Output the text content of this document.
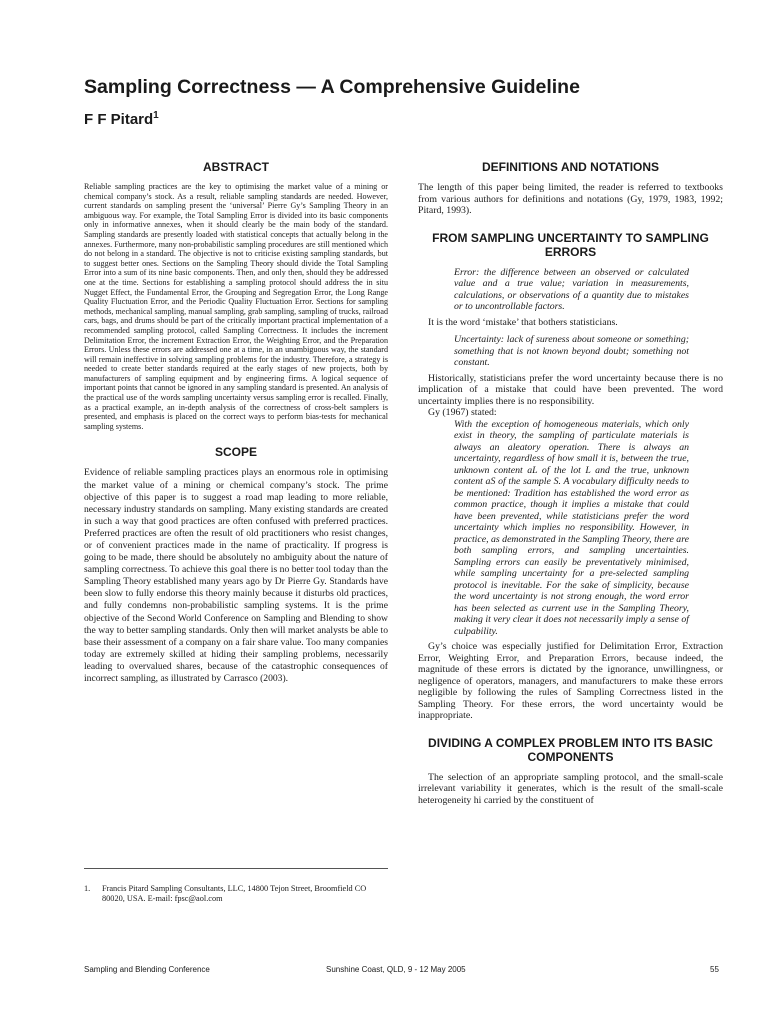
Sampling Correctness — A Comprehensive Guideline
F F Pitard$^1$
ABSTRACT

Reliable sampling practices are the key to optimising the market value of a mining or chemical company’s stock. As a result, reliable sampling standards are needed. However, current standards on sampling present the ‘universal’ Pierre Gy’s Sampling Theory in an ambiguous way. For example, the Total Sampling Error is divided into its basic components only in informative annexes, when it should clearly be the main body of the standard. Sampling standards are presently loaded with statistical concepts that actually belong in the annexes. Furthermore, many non-probabilistic sampling procedures are still mentioned which do not belong in a standard. The objective is not to criticise existing sampling standards, but to suggest better ones. Sections on the Sampling Theory should divide the Total Sampling Error into a sum of its nine basic components. Then, and only then, should they be addressed one at the time. Sections for establishing a sampling protocol should address the in situ Nugget Effect, the Fundamental Error, the Grouping and Segregation Error, the Long Range Quality Fluctuation Error, and the Periodic Quality Fluctuation Error. Sections for sampling methods, mechanical sampling, manual sampling, grab sampling, sampling of trucks, railroad cars, bags, and drums should be part of the critically important practical implementation of a recommended sampling protocol, called Sampling Correctness. It includes the increment Delimitation Error, the increment Extraction Error, the Weighting Error, and the Preparation Errors. Unless these errors are addressed one at a time, in an unambiguous way, the standard will remain ineffective in solving sampling problems for the industry. Therefore, a strategy is needed to create better standards required at the early stages of new projects, both by manufacturers of sampling equipment and by engineering firms. A logical sequence of important points that cannot be ignored in any sampling standard is presented. An analysis of the practical use of the words sampling uncertainty versus sampling error is recalled. Finally, as a practical example, an in-depth analysis of the correctness of cross-belt samplers is presented, and emphasis is placed on the correct ways to perform bias-tests for mechanical sampling systems.

SCOPE

Evidence of reliable sampling practices plays an enormous role in optimising the market value of a mining or chemical company’s stock. The prime objective of this paper is to suggest a road map leading to more reliable, necessary industry standards on sampling. Many existing standards are created in such a way that good practices are often confused with preferred practices. Preferred practices are often the result of old practitioners who resist changes, or of convenient practices made in the name of practicality. If progress is going to be made, there should be absolutely no ambiguity about the nature of sampling correctness. To achieve this goal there is no better tool today than the Sampling Theory established many years ago by Dr Pierre Gy. Standards have been slow to fully endorse this theory mainly because it disturbs old practices, and fully condemns non-probabilistic sampling systems. It is the prime objective of the Second World Conference on Sampling and Blending to show the way to better sampling standards. Only then will market analysts be able to base their assessment of a company on a fair share value. Too many companies today are extremely skilled at hiding their sampling problems, necessarily leading to overvalued shares, because of the catastrophic consequences of incorrect sampling, as illustrated by Carrasco (2003).

1.	Francis Pitard Sampling Consultants, LLC, 14800 Tejon Street, Broomfield CO 80020, USA. E-mail: fpsc@aol.com
DEFINITIONS AND NOTATIONS

The length of this paper being limited, the reader is referred to textbooks from various authors for definitions and notations (Gy, 1979, 1983, 1992; Pitard, 1993).

FROM SAMPLING UNCERTAINTY TO SAMPLING ERRORS

Error: the difference between an observed or calculated value and a true value; variation in measurements, calculations, or observations of a quantity due to mistakes or to uncontrollable factors.

It is the word ‘mistake’ that bothers statisticians.

Uncertainty: lack of sureness about someone or something; something that is not known beyond doubt; something not constant.

Historically, statisticians prefer the word uncertainty because there is no implication of a mistake that could have been prevented. The word uncertainty implies there is no responsibility.

Gy (1967) stated:

With the exception of homogeneous materials, which only exist in theory, the sampling of particulate materials is always an aleatory operation. There is always an uncertainty, regardless of how small it is, between the true, unknown content aL of the lot L and the true, unknown content aS of the sample S. A vocabulary difficulty needs to be mentioned: Tradition has established the word error as common practice, though it implies a mistake that could have been prevented, while statisticians prefer the word uncertainty which implies no responsibility. However, in practice, as demonstrated in the Sampling Theory, there are both sampling errors, and sampling uncertainties. Sampling errors can easily be preventatively minimised, while sampling uncertainty for a pre-selected sampling protocol is inevitable. For the sake of simplicity, because the word uncertainty is not strong enough, the word error has been selected as current use in the Sampling Theory, making it very clear it does not necessarily imply a sense of culpability.

Gy’s choice was especially justified for Delimitation Error, Extraction Error, Weighting Error, and Preparation Errors, because indeed, the magnitude of these errors is dictated by the ignorance, unwillingness, or negligence of operators, managers, and manufacturers to make these errors negligible by following the rules of Sampling Correctness listed in the Sampling Theory. For these errors, the word uncertainty would be inappropriate.

DIVIDING A COMPLEX PROBLEM INTO ITS BASIC COMPONENTS

The selection of an appropriate sampling protocol, and the small-scale irrelevant variability it generates, which is the result of the small-scale heterogeneity hi carried by the constituent of

Sampling and Blending Conference	Sunshine Coast, QLD, 9 - 12 May 2005	55
